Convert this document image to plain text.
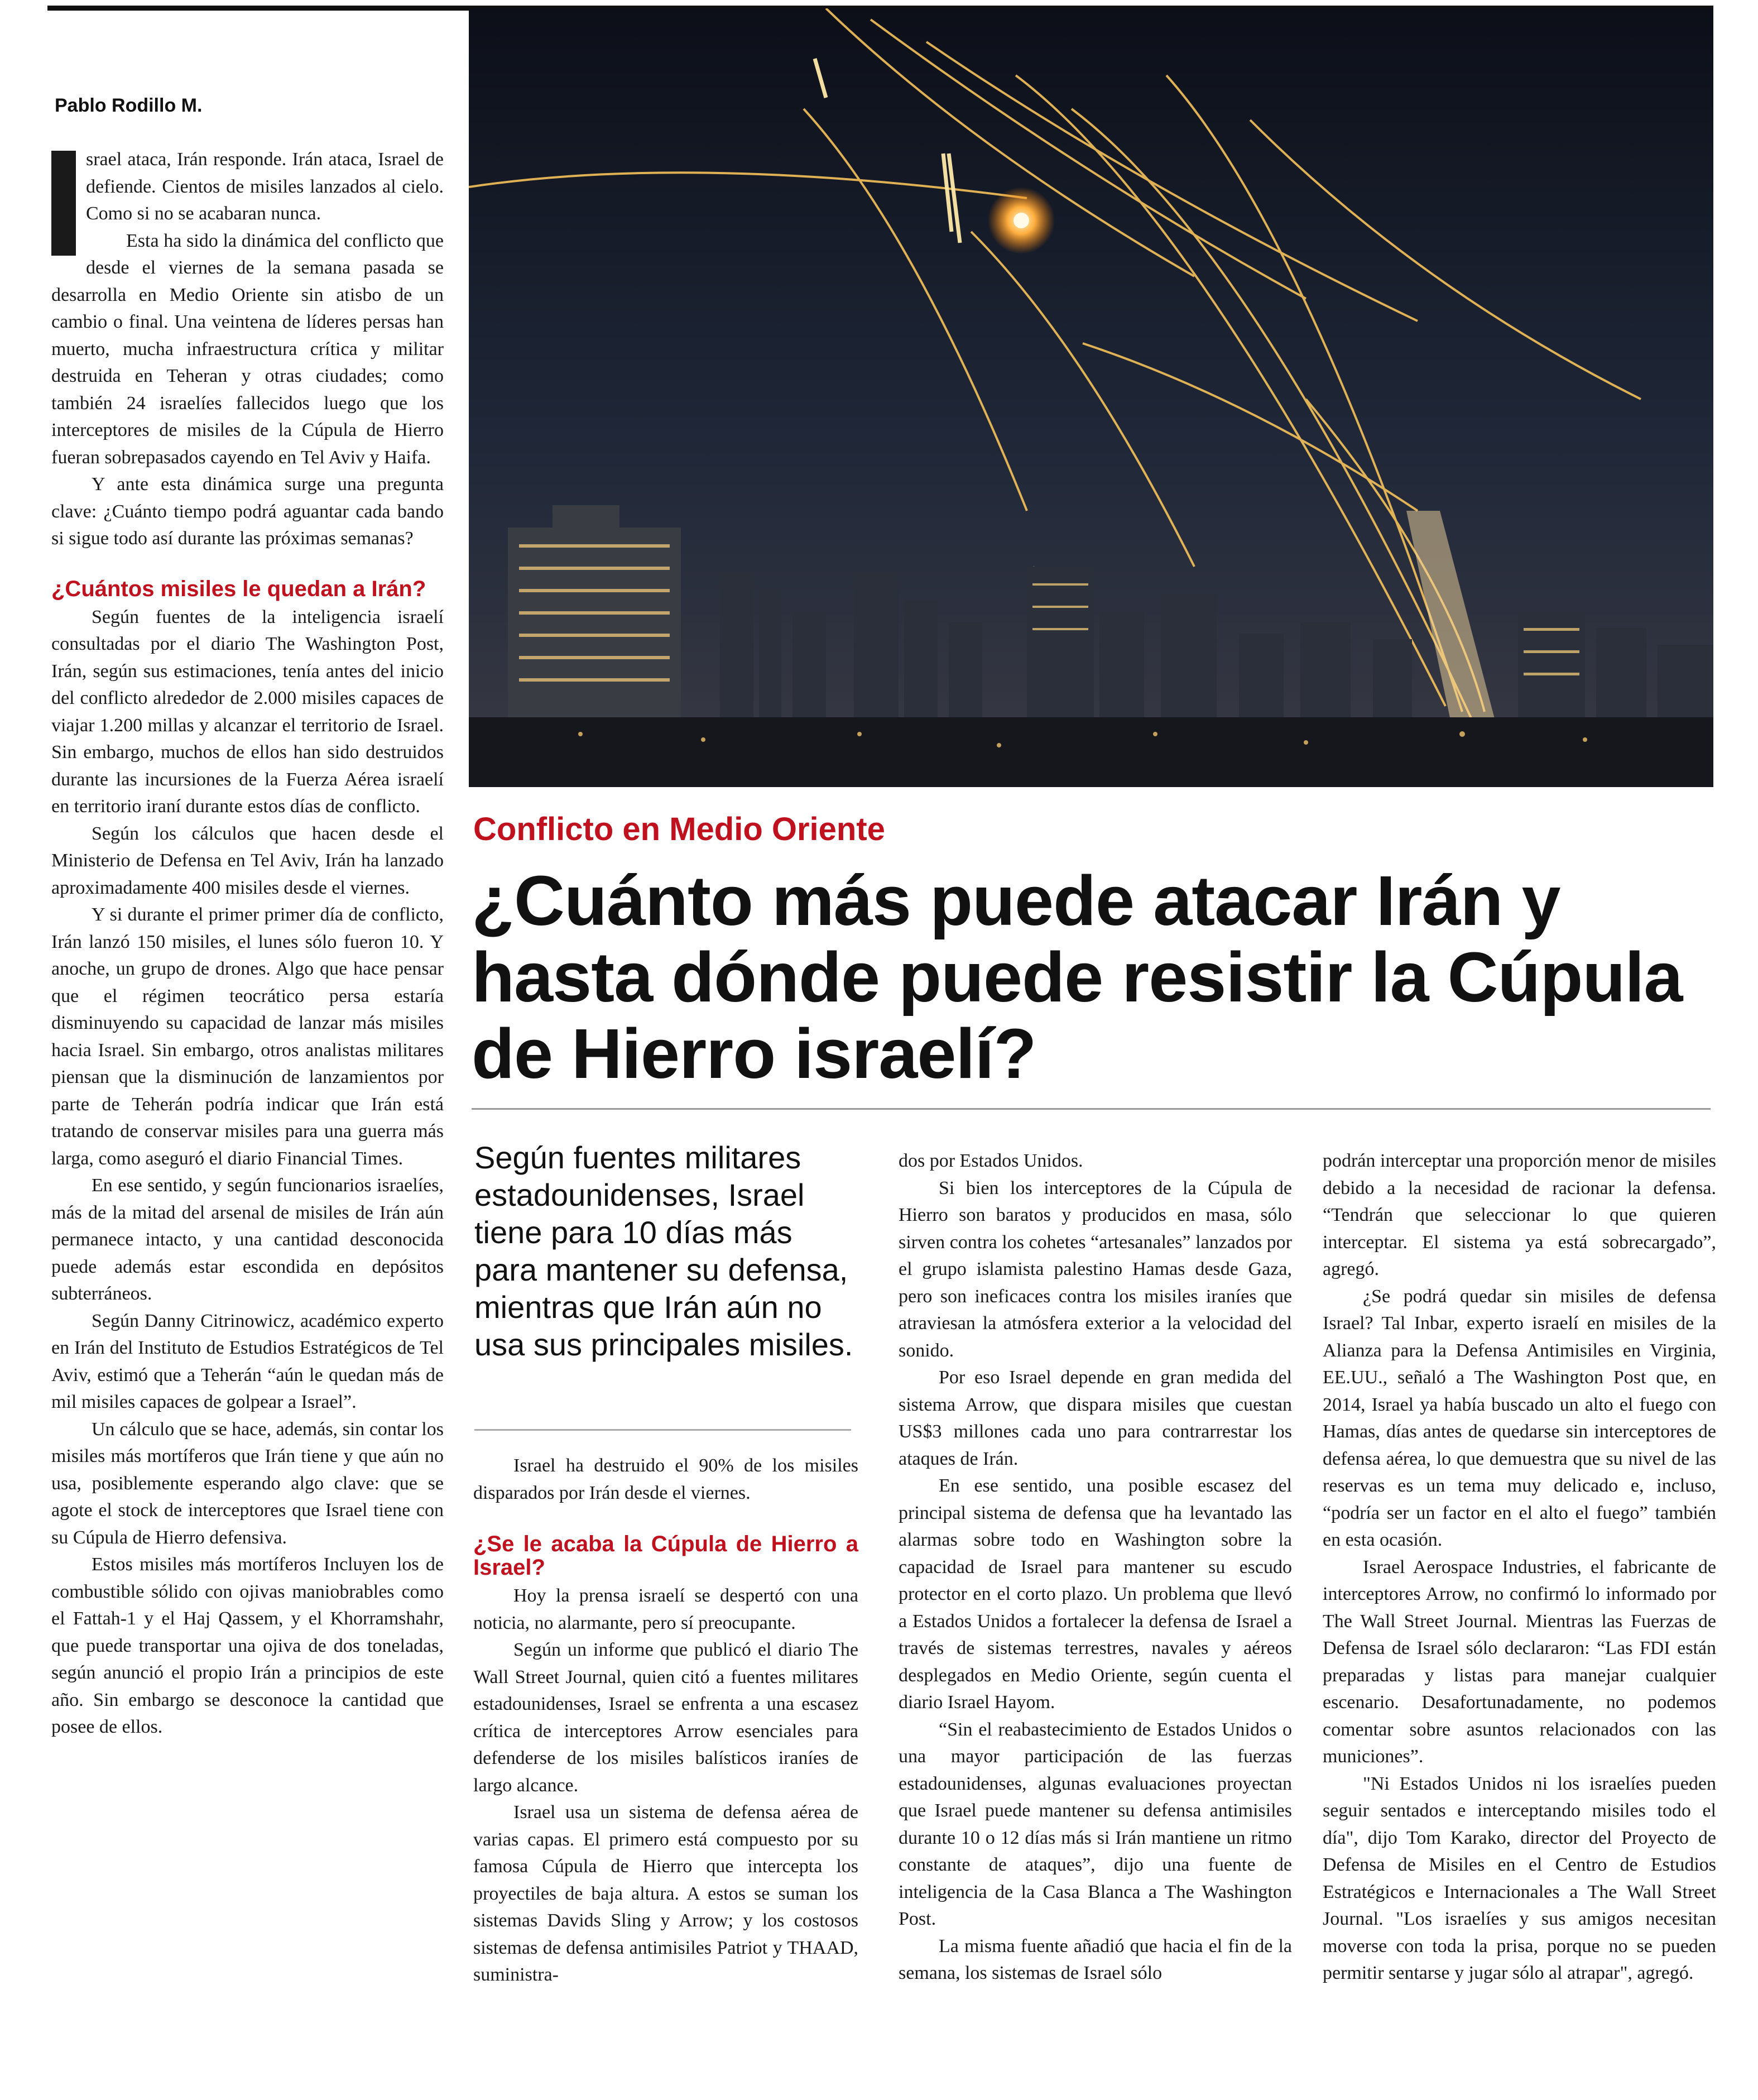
Pablo Rodillo M.

srael ataca, Irán responde. Irán ataca, Israel de defiende. Cientos de misiles lanzados al cielo. Como si no se acabaran nunca.

Esta ha sido la dinámica del conflicto que desde el viernes de la semana pasada se desarrolla en Medio Oriente sin atisbo de un cambio o final. Una veintena de líderes persas han muerto, mucha infraestructura crítica y militar destruida en Teheran y otras ciudades; como también 24 israelíes fallecidos luego que los interceptores de misiles de la Cúpula de Hierro fueran sobrepasados cayendo en Tel Aviv y Haifa.

Y ante esta dinámica surge una pregunta clave: ¿Cuánto tiempo podrá aguantar cada bando si sigue todo así durante las próximas semanas?

¿Cuántos misiles le quedan a Irán?

Según fuentes de la inteligencia israelí consultadas por el diario The Washington Post, Irán, según sus estimaciones, tenía antes del inicio del conflicto alrededor de 2.000 misiles capaces de viajar 1.200 millas y alcanzar el territorio de Israel. Sin embargo, muchos de ellos han sido destruidos durante las incursiones de la Fuerza Aérea israelí en territorio iraní durante estos días de conflicto.

Según los cálculos que hacen desde el Ministerio de Defensa en Tel Aviv, Irán ha lanzado aproximadamente 400 misiles desde el viernes.

Y si durante el primer primer día de conflicto, Irán lanzó 150 misiles, el lunes sólo fueron 10. Y anoche, un grupo de drones. Algo que hace pensar que el régimen teocrático persa estaría disminuyendo su capacidad de lanzar más misiles hacia Israel. Sin embargo, otros analistas militares piensan que la disminución de lanzamientos por parte de Teherán podría indicar que Irán está tratando de conservar misiles para una guerra más larga, como aseguró el diario Financial Times.

En ese sentido, y según funcionarios israelíes, más de la mitad del arsenal de misiles de Irán aún permanece intacto, y una cantidad desconocida puede además estar escondida en depósitos subterráneos.

Según Danny Citrinowicz, académico experto en Irán del Instituto de Estudios Estratégicos de Tel Aviv, estimó que a Teherán “aún le quedan más de mil misiles capaces de golpear a Israel”.

Un cálculo que se hace, además, sin contar los misiles más mortíferos que Irán tiene y que aún no usa, posiblemente esperando algo clave: que se agote el stock de interceptores que Israel tiene con su Cúpula de Hierro defensiva.

Estos misiles más mortíferos Incluyen los de combustible sólido con ojivas maniobrables como el Fattah-1 y el Haj Qassem, y el Khorramshahr, que puede transportar una ojiva de dos toneladas, según anunció el propio Irán a principios de este año. Sin embargo se desconoce la cantidad que posee de ellos.

Conflicto en Medio Oriente
¿Cuánto más puede atacar Irán y hasta dónde puede resistir la Cúpula de Hierro israelí?
Según fuentes militares estadounidenses, Israel tiene para 10 días más para mantener su defensa, mientras que Irán aún no usa sus principales misiles.

Israel ha destruido el 90% de los misiles disparados por Irán desde el viernes.

¿Se le acaba la Cúpula de Hierro a Israel?

Hoy la prensa israelí se despertó con una noticia, no alarmante, pero sí preocupante.

Según un informe que publicó el diario The Wall Street Journal, quien citó a fuentes militares estadounidenses, Israel se enfrenta a una escasez crítica de interceptores Arrow esenciales para defenderse de los misiles balísticos iraníes de largo alcance.

Israel usa un sistema de defensa aérea de varias capas. El primero está compuesto por su famosa Cúpula de Hierro que intercepta los proyectiles de baja altura. A estos se suman los sistemas Davids Sling y Arrow; y los costosos sistemas de defensa antimisiles Patriot y THAAD, suministra-

dos por Estados Unidos.

Si bien los interceptores de la Cúpula de Hierro son baratos y producidos en masa, sólo sirven contra los cohetes “artesanales” lanzados por el grupo islamista palestino Hamas desde Gaza, pero son ineficaces contra los misiles iraníes que atraviesan la atmósfera exterior a la velocidad del sonido.

Por eso Israel depende en gran medida del sistema Arrow, que dispara misiles que cuestan US$3 millones cada uno para contrarrestar los ataques de Irán.

En ese sentido, una posible escasez del principal sistema de defensa que ha levantado las alarmas sobre todo en Washington sobre la capacidad de Israel para mantener su escudo protector en el corto plazo. Un problema que llevó a Estados Unidos a fortalecer la defensa de Israel a través de sistemas terrestres, navales y aéreos desplegados en Medio Oriente, según cuenta el diario Israel Hayom.

“Sin el reabastecimiento de Estados Unidos o una mayor participación de las fuerzas estadounidenses, algunas evaluaciones proyectan que Israel puede mantener su defensa antimisiles durante 10 o 12 días más si Irán mantiene un ritmo constante de ataques”, dijo una fuente de inteligencia de la Casa Blanca a The Washington Post.

La misma fuente añadió que hacia el fin de la semana, los sistemas de Israel sólo

podrán interceptar una proporción menor de misiles debido a la necesidad de racionar la defensa. “Tendrán que seleccionar lo que quieren interceptar. El sistema ya está sobrecargado”, agregó.

¿Se podrá quedar sin misiles de defensa Israel? Tal Inbar, experto israelí en misiles de la Alianza para la Defensa Antimisiles en Virginia, EE.UU., señaló a The Washington Post que, en 2014, Israel ya había buscado un alto el fuego con Hamas, días antes de quedarse sin interceptores de defensa aérea, lo que demuestra que su nivel de las reservas es un tema muy delicado e, incluso, “podría ser un factor en el alto el fuego” también en esta ocasión.

Israel Aerospace Industries, el fabricante de interceptores Arrow, no confirmó lo informado por The Wall Street Journal. Mientras las Fuerzas de Defensa de Israel sólo declararon: “Las FDI están preparadas y listas para manejar cualquier escenario. Desafortunadamente, no podemos comentar sobre asuntos relacionados con las municiones”.

"Ni Estados Unidos ni los israelíes pueden seguir sentados e interceptando misiles todo el día", dijo Tom Karako, director del Proyecto de Defensa de Misiles en el Centro de Estudios Estratégicos e Internacionales a The Wall Street Journal. "Los israelíes y sus amigos necesitan moverse con toda la prisa, porque no se pueden permitir sentarse y jugar sólo al atrapar", agregó.
